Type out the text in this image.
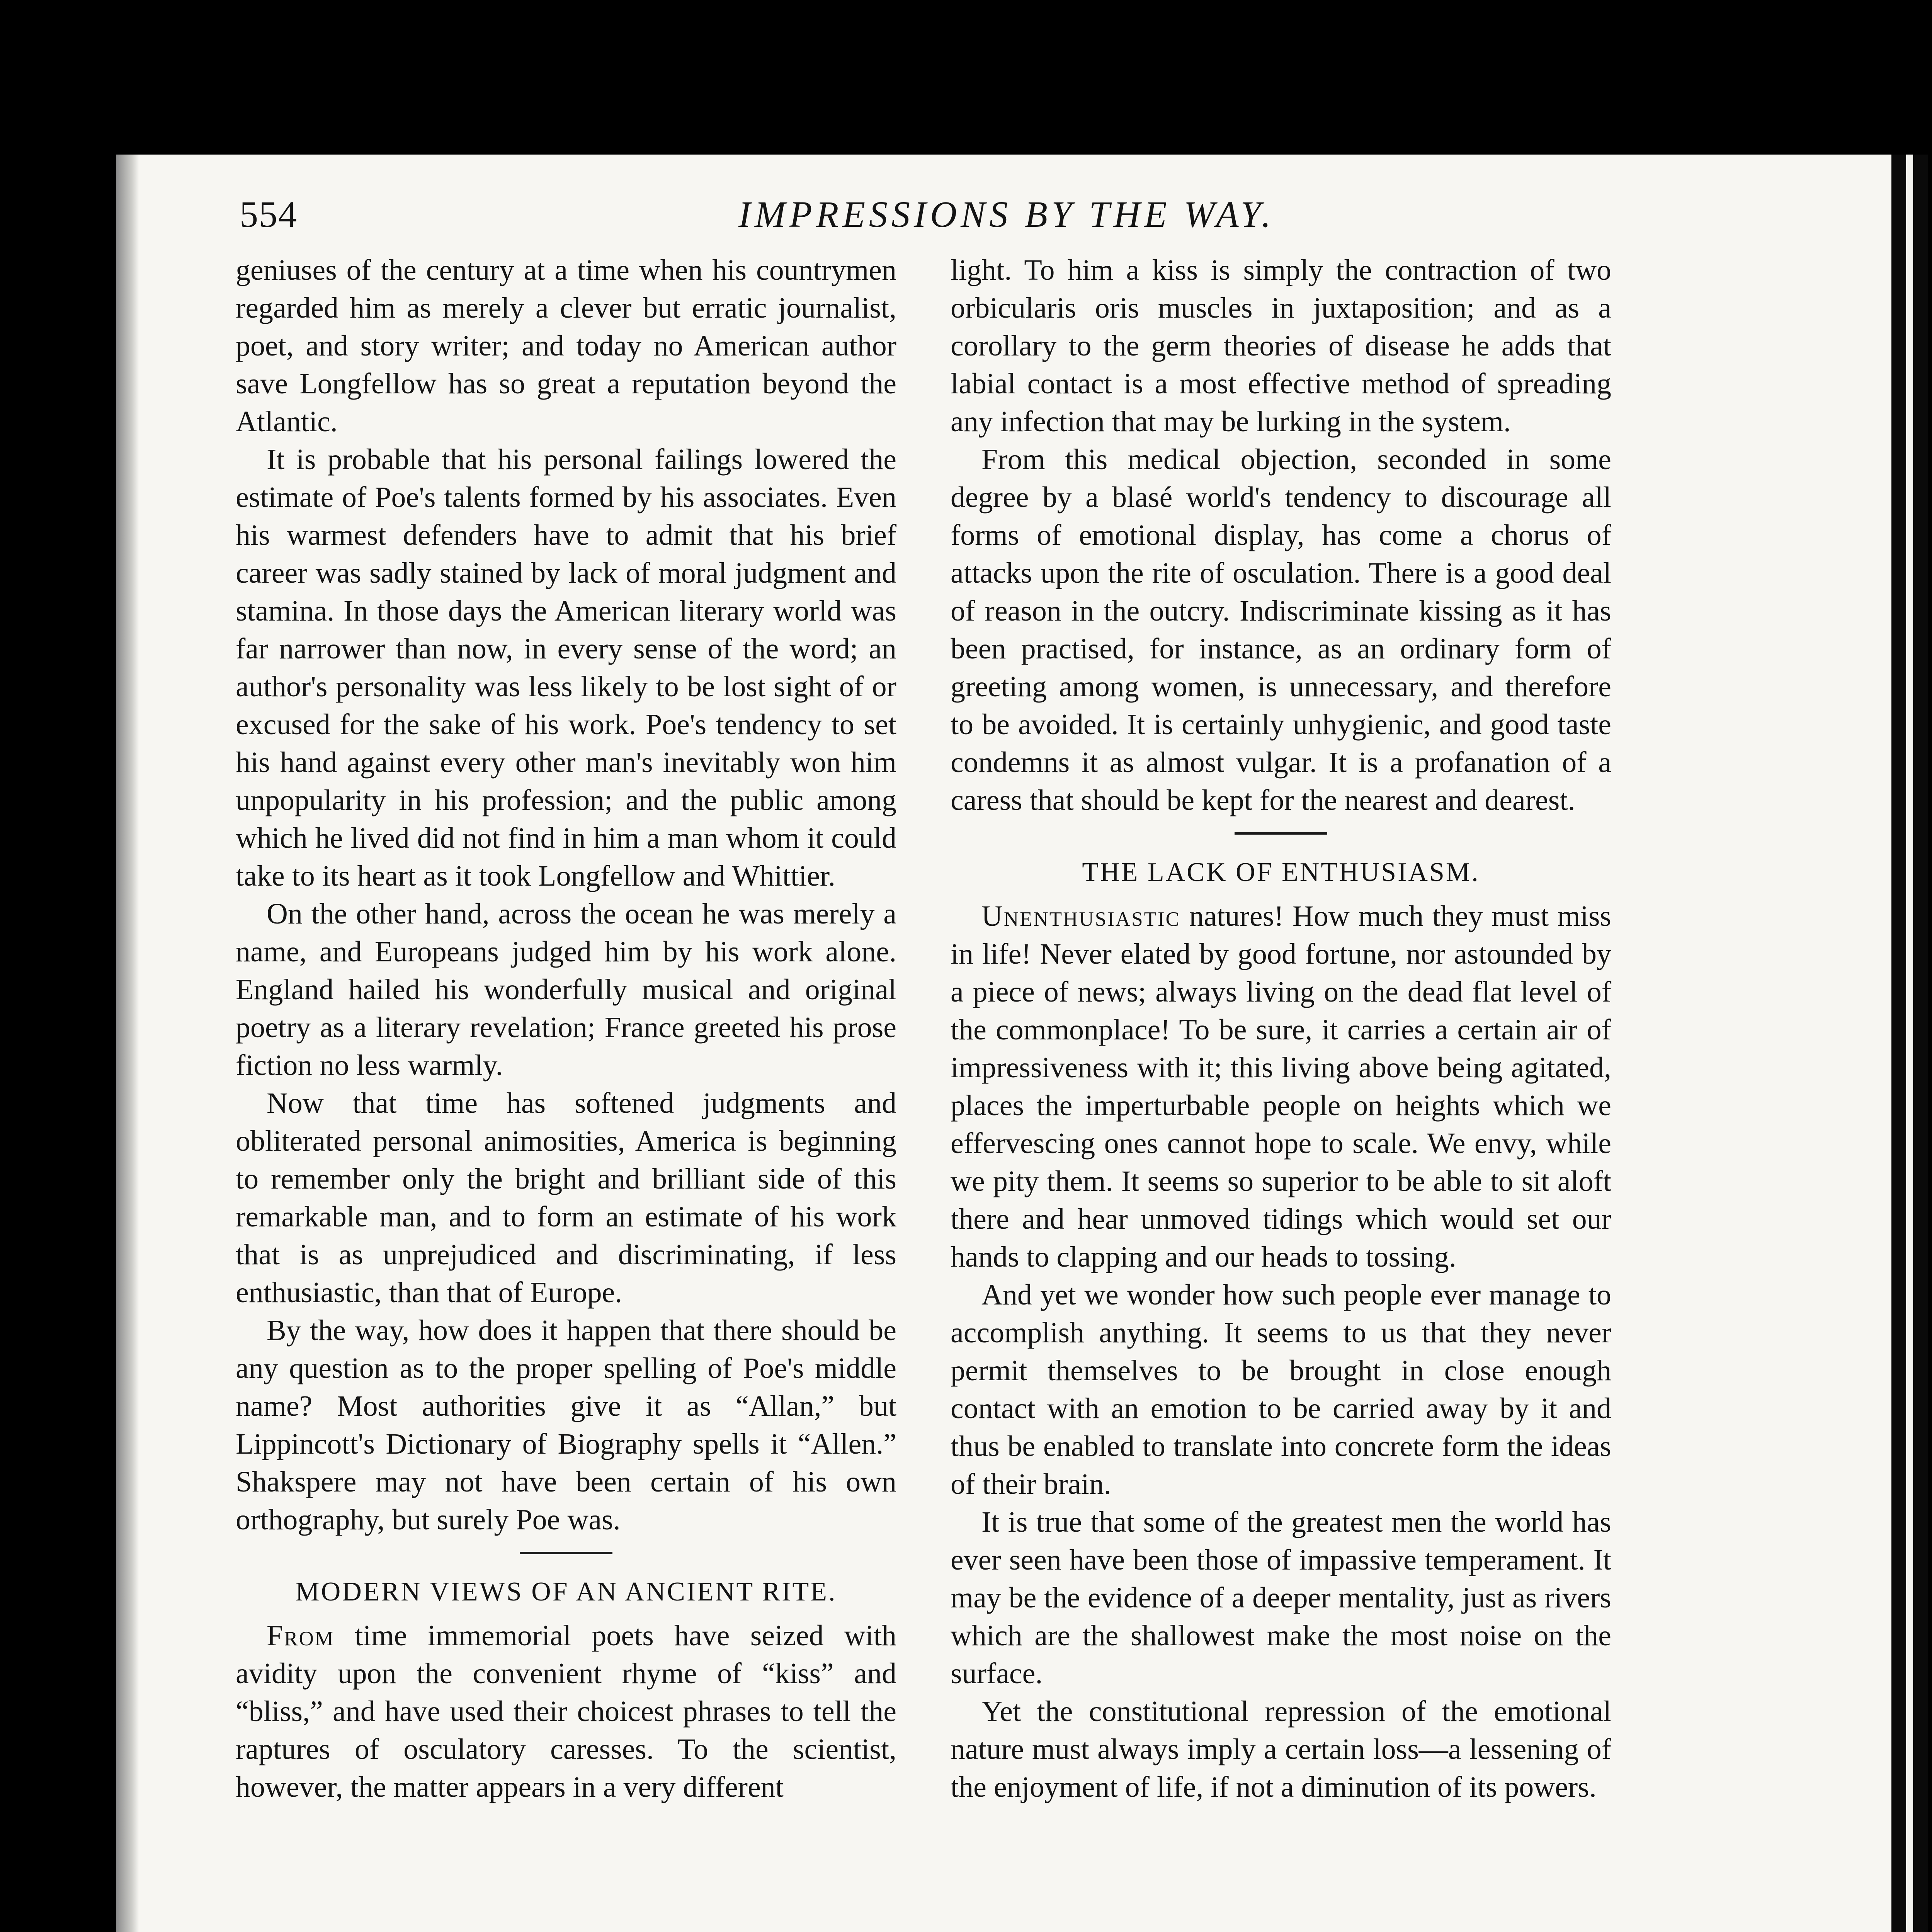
554	IMPRESSIONS BY THE WAY.

geniuses of the century at a time when his countrymen regarded him as merely a clever but erratic journalist, poet, and story writer; and today no American author save Longfellow has so great a reputation beyond the Atlantic.

It is probable that his personal failings lowered the estimate of Poe's talents formed by his associates. Even his warmest defenders have to admit that his brief career was sadly stained by lack of moral judgment and stamina. In those days the American literary world was far narrower than now, in every sense of the word; an author's personality was less likely to be lost sight of or excused for the sake of his work. Poe's tendency to set his hand against every other man's inevitably won him unpopularity in his profession; and the public among which he lived did not find in him a man whom it could take to its heart as it took Longfellow and Whittier.

On the other hand, across the ocean he was merely a name, and Europeans judged him by his work alone. England hailed his wonderfully musical and original poetry as a literary revelation; France greeted his prose fiction no less warmly.

Now that time has softened judgments and obliterated personal animosities, America is beginning to remember only the bright and brilliant side of this remarkable man, and to form an estimate of his work that is as unprejudiced and discriminating, if less enthusiastic, than that of Europe.

By the way, how does it happen that there should be any question as to the proper spelling of Poe's middle name? Most authorities give it as “Allan,” but Lippincott's Dictionary of Biography spells it “Allen.” Shakspere may not have been certain of his own orthography, but surely Poe was.

MODERN VIEWS OF AN ANCIENT RITE.

From time immemorial poets have seized with avidity upon the convenient rhyme of “kiss” and “bliss,” and have used their choicest phrases to tell the raptures of osculatory caresses. To the scientist, however, the matter appears in a very different

light. To him a kiss is simply the contraction of two orbicularis oris muscles in juxtaposition; and as a corollary to the germ theories of disease he adds that labial contact is a most effective method of spreading any infection that may be lurking in the system.

From this medical objection, seconded in some degree by a blasé world's tendency to discourage all forms of emotional display, has come a chorus of attacks upon the rite of osculation. There is a good deal of reason in the outcry. Indiscriminate kissing as it has been practised, for instance, as an ordinary form of greeting among women, is unnecessary, and therefore to be avoided. It is certainly unhygienic, and good taste condemns it as almost vulgar. It is a profanation of a caress that should be kept for the nearest and dearest.

THE LACK OF ENTHUSIASM.

Unenthusiastic natures! How much they must miss in life! Never elated by good fortune, nor astounded by a piece of news; always living on the dead flat level of the commonplace! To be sure, it carries a certain air of impressiveness with it; this living above being agitated, places the imperturbable people on heights which we effervescing ones cannot hope to scale. We envy, while we pity them. It seems so superior to be able to sit aloft there and hear unmoved tidings which would set our hands to clapping and our heads to tossing.

And yet we wonder how such people ever manage to accomplish anything. It seems to us that they never permit themselves to be brought in close enough contact with an emotion to be carried away by it and thus be enabled to translate into concrete form the ideas of their brain.

It is true that some of the greatest men the world has ever seen have been those of impassive temperament. It may be the evidence of a deeper mentality, just as rivers which are the shallowest make the most noise on the surface.

Yet the constitutional repression of the emotional nature must always imply a certain loss—a lessening of the enjoyment of life, if not a diminution of its powers.
